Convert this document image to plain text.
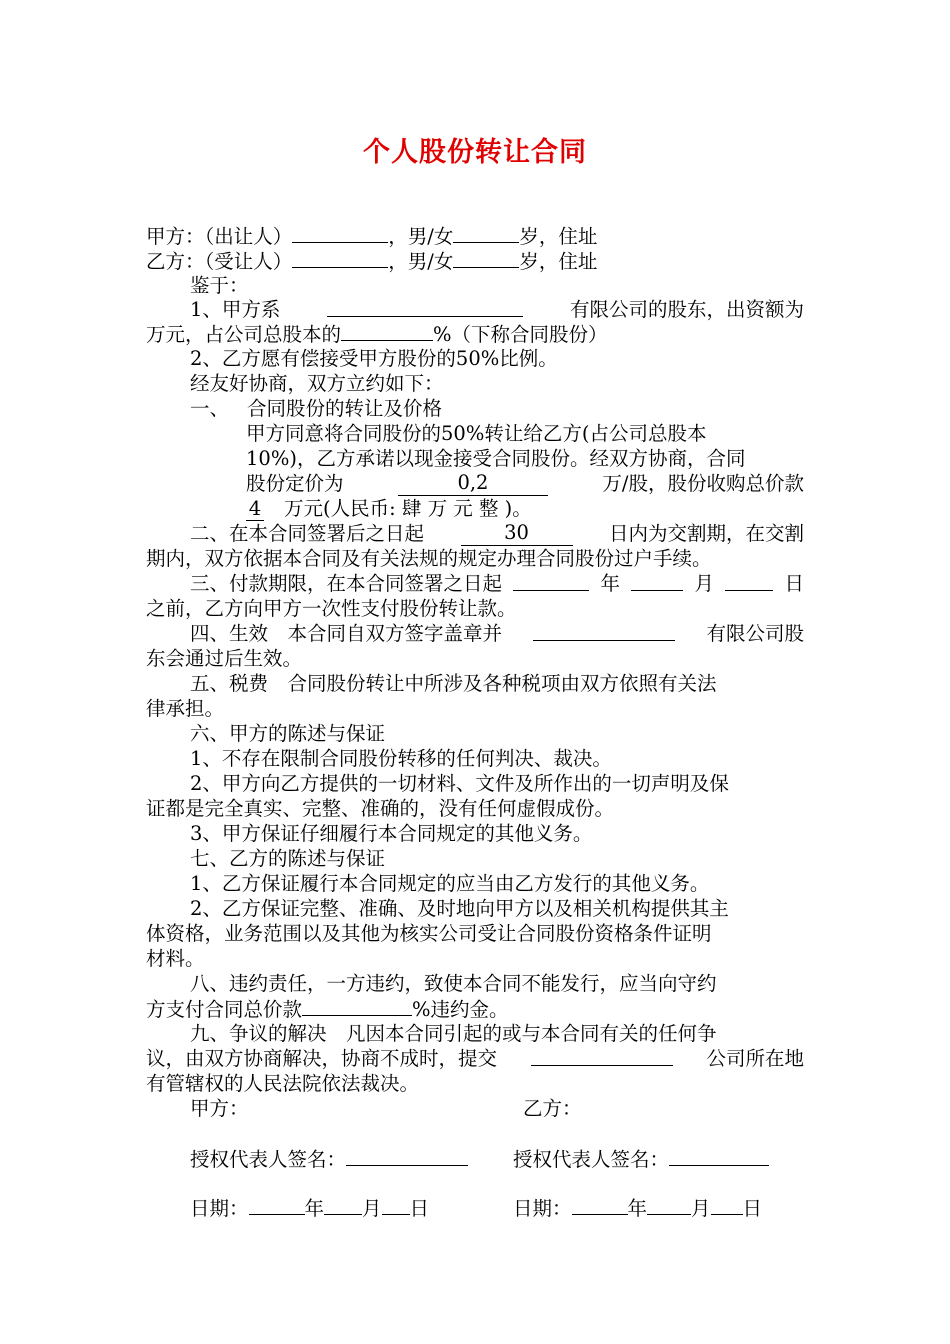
个人股份转让合同
甲方：（出让人）	，男/女	岁，住址
乙方：（受让人）	，男/女	岁，住址
鉴于：
1、甲方系	有限公司的股东，出资额为
万元，占公司总股本的	%（下称合同股份）
2、乙方愿有偿接受甲方股份的50%比例。
经友好协商，双方立约如下：
一、 合同股份的转让及价格
甲方同意将合同股份的50%转让给乙方(占公司总股本
10%)，乙方承诺以现金接受合同股份。经双方协商，合同
股份定价为	0,2	万/股，股份收购总价款
4 万元(人民币: 肆 万 元 整 )。
二、在本合同签署后之日起	30	日内为交割期，在交割
期内，双方依据本合同及有关法规的规定办理合同股份过户手续。
三、付款期限，在本合同签署之日起	年	月	日
之前，乙方向甲方一次性支付股份转让款。
四、生效　本合同自双方签字盖章并	有限公司股
东会通过后生效。
五、税费　合同股份转让中所涉及各种税项由双方依照有关法
律承担。
六、甲方的陈述与保证
1、不存在限制合同股份转移的任何判决、裁决。
2、甲方向乙方提供的一切材料、文件及所作出的一切声明及保
证都是完全真实、完整、准确的，没有任何虚假成份。
3、甲方保证仔细履行本合同规定的其他义务。
七、乙方的陈述与保证
1、乙方保证履行本合同规定的应当由乙方发行的其他义务。
2、乙方保证完整、准确、及时地向甲方以及相关机构提供其主
体资格，业务范围以及其他为核实公司受让合同股份资格条件证明
材料。
八、违约责任，一方违约，致使本合同不能发行，应当向守约
方支付合同总价款	%违约金。
九、争议的解决　凡因本合同引起的或与本合同有关的任何争
议，由双方协商解决，协商不成时，提交	公司所在地
有管辖权的人民法院依法裁决。
甲方：	乙方：
授权代表人签名：	授权代表人签名：
日期：	年 月 日	日期：	年 月 日
